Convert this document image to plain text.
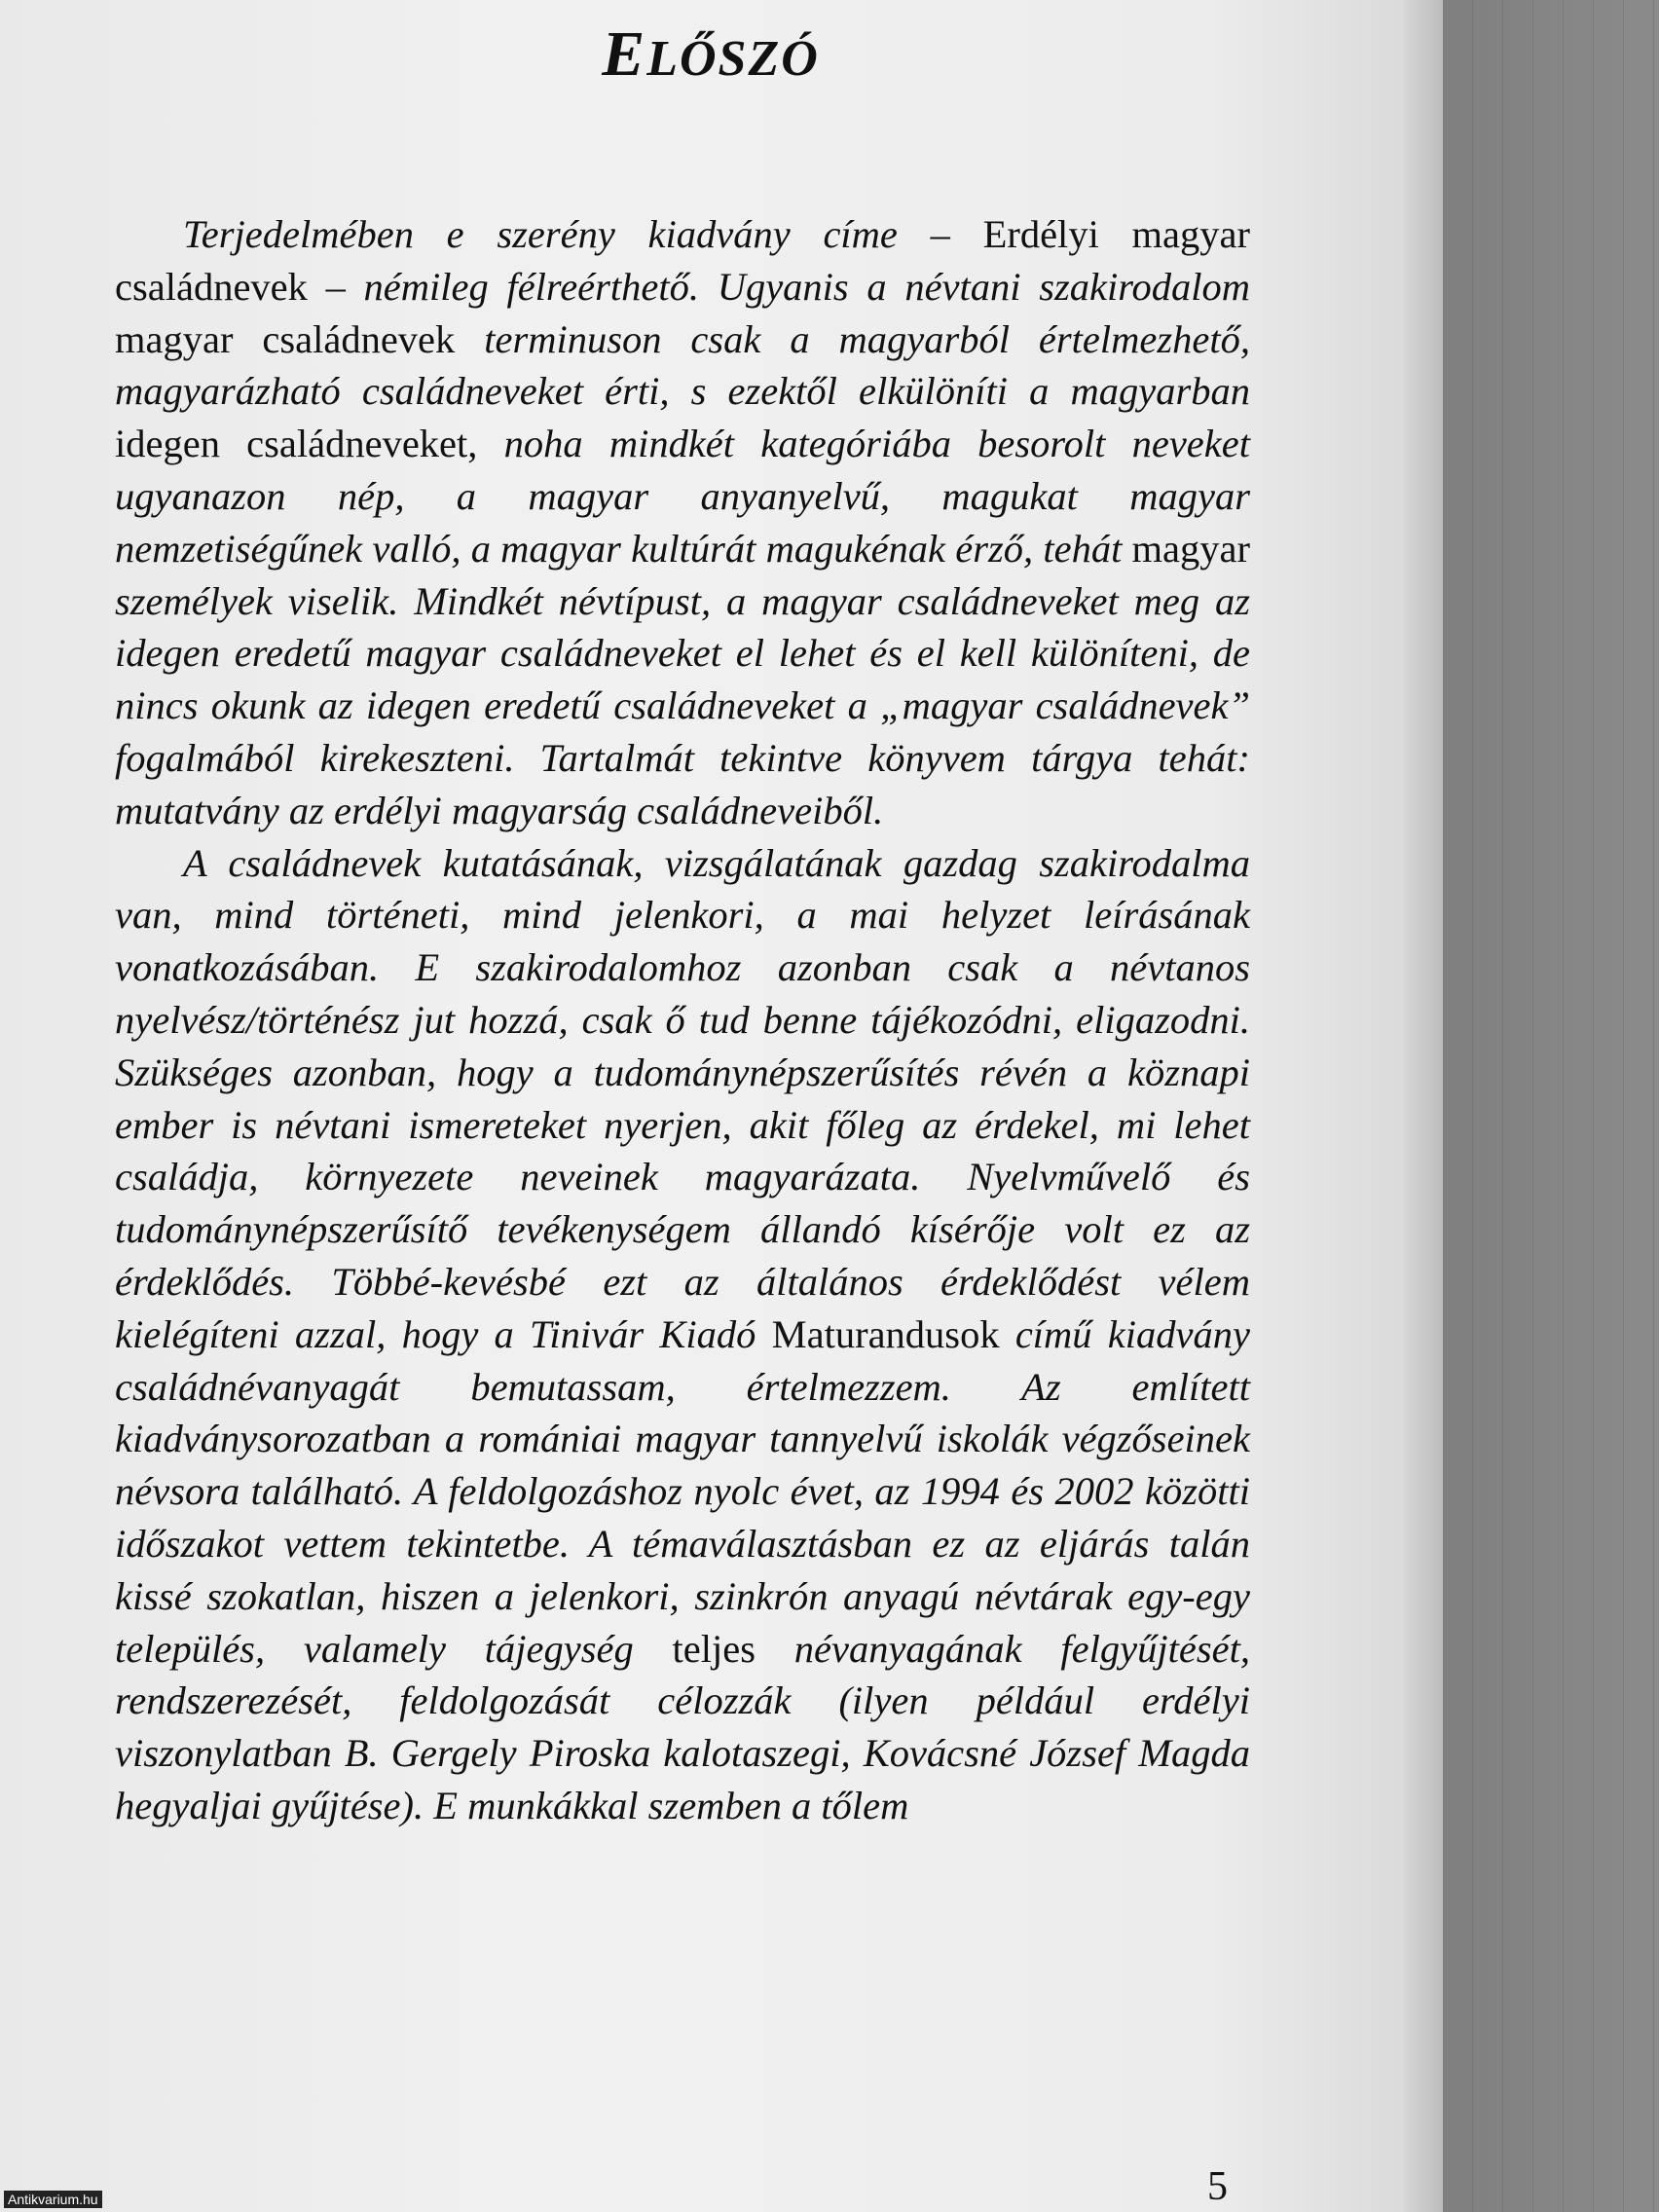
ELŐSZÓ

Terjedelmében e szerény kiadvány címe – Erdélyi magyar családnevek – némileg félreérthető. Ugyanis a névtani szakirodalom magyar családnevek terminuson csak a magyarból értelmezhető, magyarázható családneveket érti, s ezektől elkülöníti a magyarban idegen családneveket, noha mindkét kategóriába besorolt neveket ugyanazon nép, a magyar anyanyelvű, magukat magyar nemzetiségűnek valló, a magyar kultúrát magukénak érző, tehát magyar személyek viselik. Mindkét névtípust, a magyar családneveket meg az idegen eredetű magyar családneveket el lehet és el kell különíteni, de nincs okunk az idegen eredetű családneveket a „magyar családnevek” fogalmából kirekeszteni. Tartalmát tekintve könyvem tárgya tehát: mutatvány az erdélyi magyarság családneveiből.

A családnevek kutatásának, vizsgálatának gazdag szakirodalma van, mind történeti, mind jelenkori, a mai helyzet leírásának vonatkozásában. E szakirodalomhoz azonban csak a névtanos nyelvész/történész jut hozzá, csak ő tud benne tájékozódni, eligazodni. Szükséges azonban, hogy a tudománynépszerűsítés révén a köznapi ember is névtani ismereteket nyerjen, akit főleg az érdekel, mi lehet családja, környezete neveinek magyarázata. Nyelvművelő és tudománynépszerűsítő tevékenységem állandó kísérője volt ez az érdeklődés. Többé-kevésbé ezt az általános érdeklődést vélem kielégíteni azzal, hogy a Tinivár Kiadó Maturandusok című kiadvány családnévanyagát bemutassam, értelmezzem. Az említett kiadványsorozatban a romániai magyar tannyelvű iskolák végzőseinek névsora található. A feldolgozáshoz nyolc évet, az 1994 és 2002 közötti időszakot vettem tekintetbe. A témaválasztásban ez az eljárás talán kissé szokatlan, hiszen a jelenkori, szinkrón anyagú névtárak egy-egy település, valamely tájegység teljes névanyagának felgyűjtését, rendszerezését, feldolgozását célozzák (ilyen például erdélyi viszonylatban B. Gergely Piroska kalotaszegi, Kovácsné József Magda hegyaljai gyűjtése). E munkákkal szemben a tőlem

5
Antikvarium.hu
